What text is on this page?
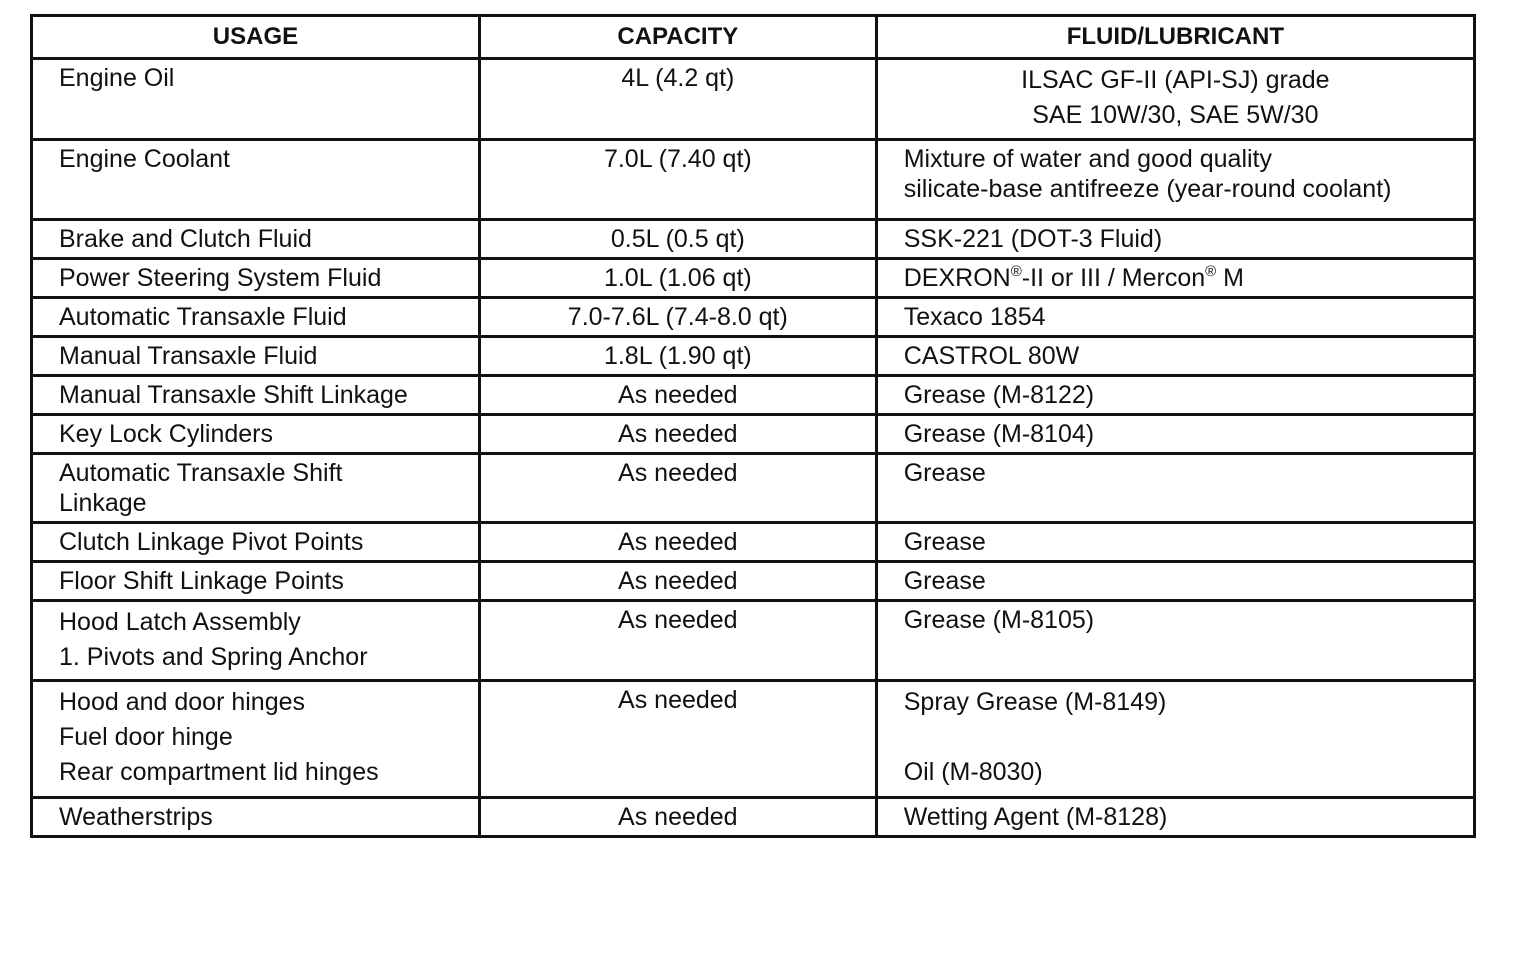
USAGE	CAPACITY	FLUID/LUBRICANT

Engine Oil	4L (4.2 qt)	ILSAC GF-II (API-SJ) grade
SAE 10W/30, SAE 5W/30

Engine Coolant	7.0L (7.40 qt)	Mixture of water and good quality
silicate-base antifreeze (year-round coolant)

Brake and Clutch Fluid	0.5L (0.5 qt)	SSK-221 (DOT-3 Fluid)

Power Steering System Fluid	1.0L (1.06 qt)	DEXRON®-II or III / Mercon® M

Automatic Transaxle Fluid	7.0-7.6L (7.4-8.0 qt)	Texaco 1854

Manual Transaxle Fluid	1.8L (1.90 qt)	CASTROL 80W

Manual Transaxle Shift Linkage	As needed	Grease (M-8122)

Key Lock Cylinders	As needed	Grease (M-8104)

Automatic Transaxle Shift
Linkage	As needed	Grease

Clutch Linkage Pivot Points	As needed	Grease

Floor Shift Linkage Points	As needed	Grease

Hood Latch Assembly
1. Pivots and Spring Anchor	As needed	Grease (M-8105)

Hood and door hinges
Fuel door hinge
Rear compartment lid hinges	As needed	Spray Grease (M-8149)
Oil (M-8030)

Weatherstrips	As needed	Wetting Agent (M-8128)
